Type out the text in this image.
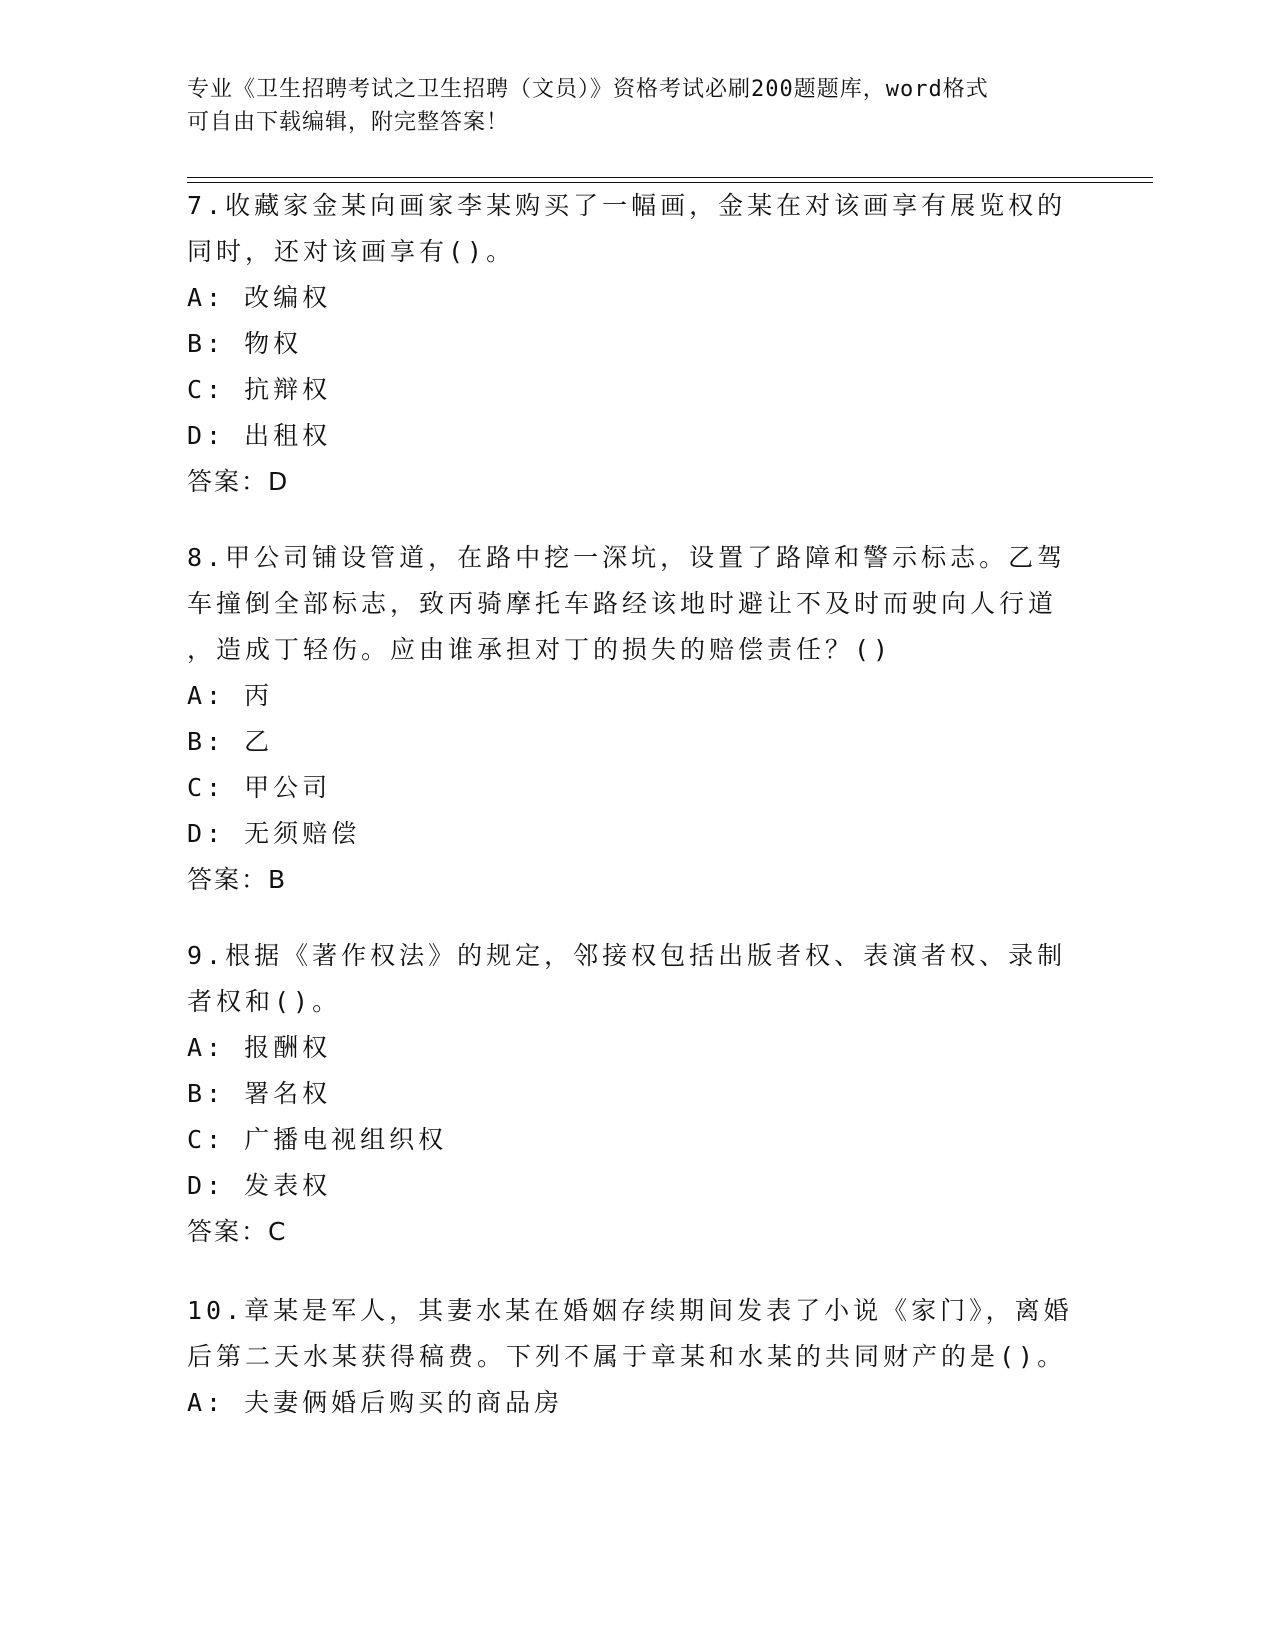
专业《卫生招聘考试之卫生招聘（文员）》资格考试必刷200题题库，word格式
可自由下载编辑，附完整答案！
7.收藏家金某向画家李某购买了一幅画，金某在对该画享有展览权的
同时，还对该画享有()。
A: 改编权
B: 物权
C: 抗辩权
D: 出租权
答案：D
8.甲公司铺设管道，在路中挖一深坑，设置了路障和警示标志。乙驾
车撞倒全部标志，致丙骑摩托车路经该地时避让不及时而驶向人行道
，造成丁轻伤。应由谁承担对丁的损失的赔偿责任？()
A: 丙
B: 乙
C: 甲公司
D: 无须赔偿
答案：B
9.根据《著作权法》的规定，邻接权包括出版者权、表演者权、录制
者权和()。
A: 报酬权
B: 署名权
C: 广播电视组织权
D: 发表权
答案：C
10.章某是军人，其妻水某在婚姻存续期间发表了小说《家门》，离婚
后第二天水某获得稿费。下列不属于章某和水某的共同财产的是()。
A: 夫妻俩婚后购买的商品房
